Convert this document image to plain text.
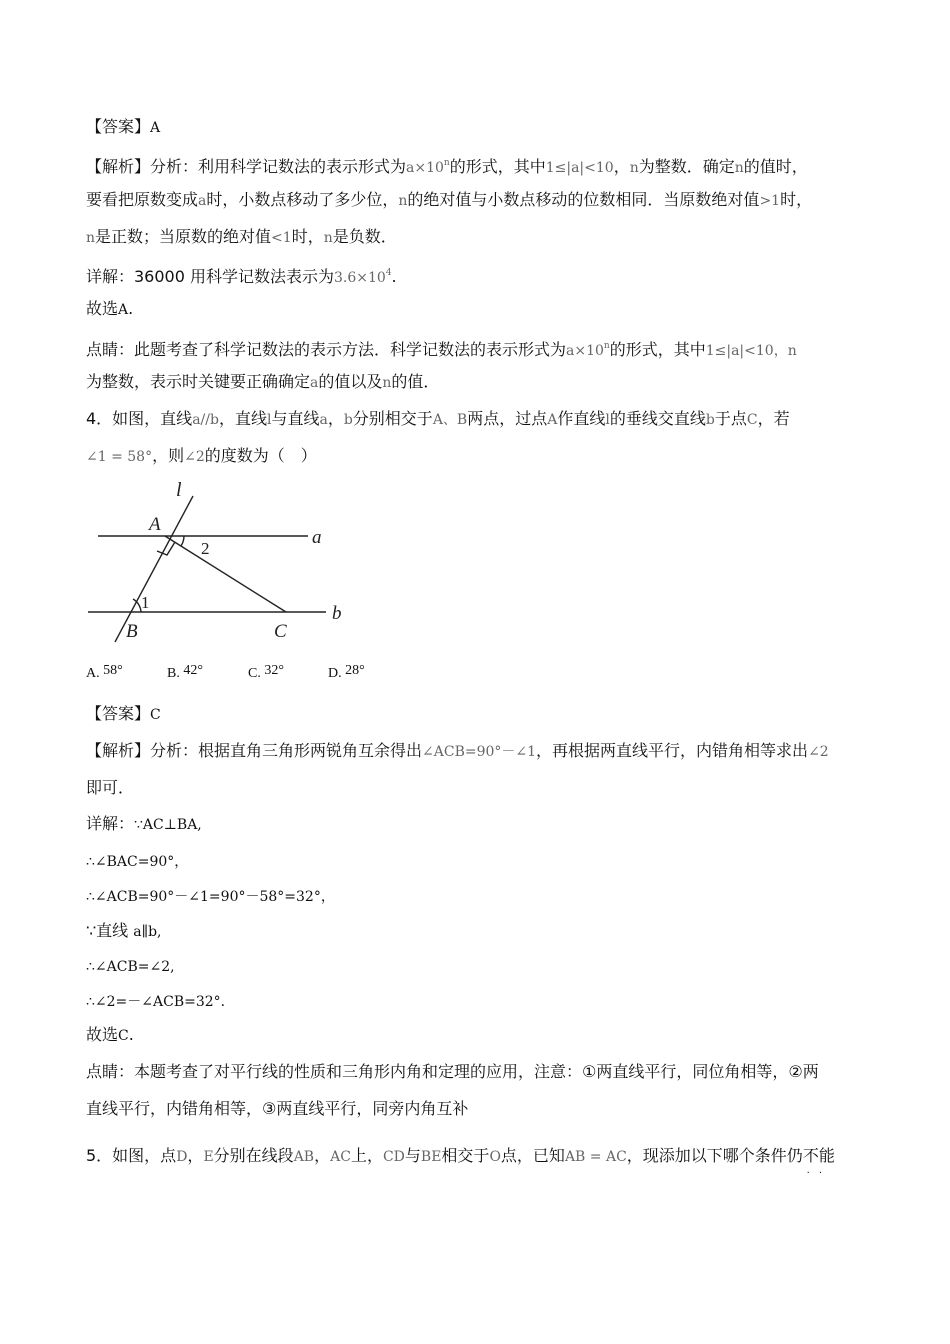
【答案】A
【解析】分析：利用科学记数法的表示形式为$a\times 10^n$的形式，其中1≤|a|<10，n为整数．确定n的值时，
要看把原数变成a时，小数点移动了多少位，n的绝对值与小数点移动的位数相同．当原数绝对值>1时，
n是正数；当原数的绝对值<1时，n是负数．
详解：36000 用科学记数法表示为$3.6\times 10^4$.
故选A.
点睛：此题考查了科学记数法的表示方法．科学记数法的表示形式为$a\times 10^n$的形式，其中1≤|a|<10，n
为整数，表示时关键要正确确定a的值以及n的值．
4．如图，直线a//b，直线l与直线a，b分别相交于A、B两点，过点A作直线l的垂线交直线b于点C，若
∠1 = 58°，则∠2的度数为（　）
l
A
a
2
1
B	C
b
A. 58°	B. 42°	C. 32°	D. 28°
【答案】C
【解析】分析：根据直角三角形两锐角互余得出∠ACB=90°－∠1，再根据两直线平行，内错角相等求出∠2
即可．
详解：∵AC⊥BA,
∴∠BAC=90°，
∴∠ACB=90°－∠1=90°－58°=32°，
∵直线 a∥b,
∴∠ACB=∠2,
∴∠2=－∠ACB=32°．
故选C.
点睛：本题考查了对平行线的性质和三角形内角和定理的应用，注意：①两直线平行，同位角相等，②两
直线平行，内错角相等，③两直线平行，同旁内角互补
5．如图，点D，E分别在线段AB，AC上，CD与BE相交于O点，已知AB = AC，现添加以下哪个条件仍不能
··
